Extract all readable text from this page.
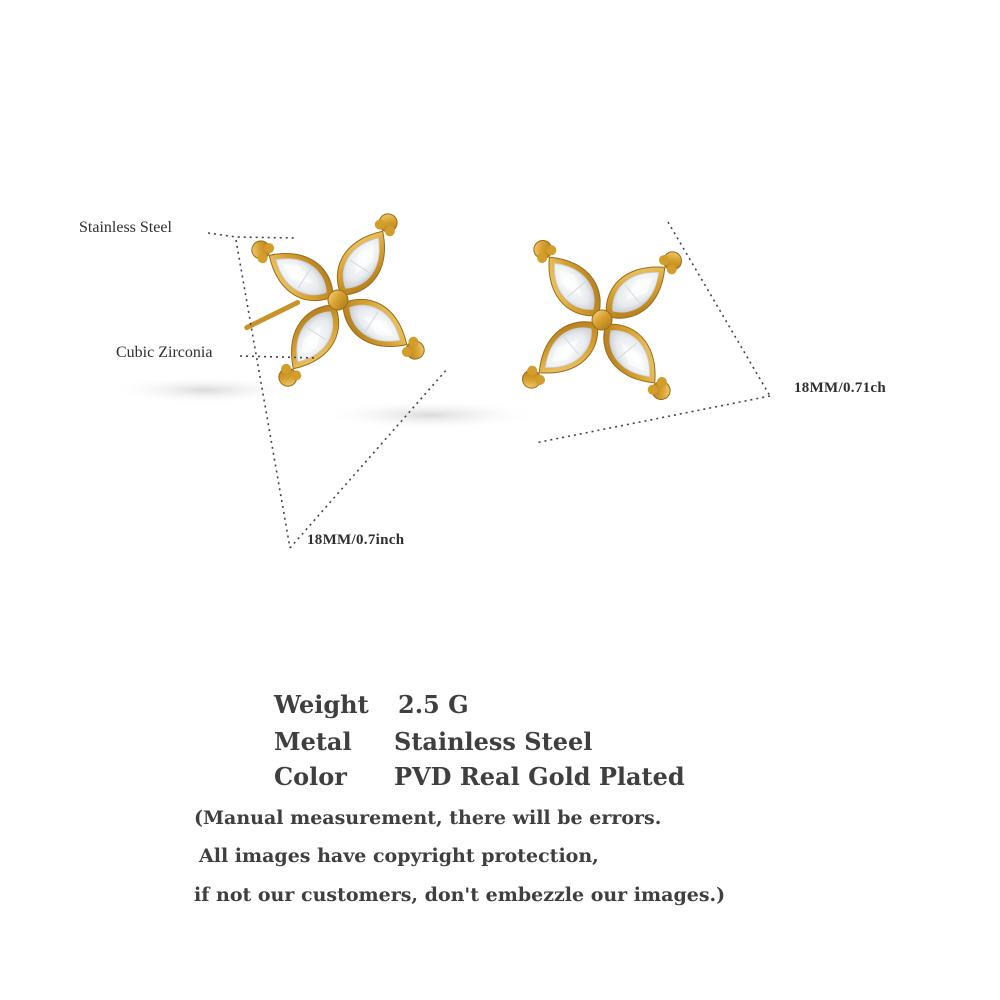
Stainless Steel
Cubic Zirconia
18MM/0.7inch
18MM/0.71ch
Weight 2.5 G
Metal Stainless Steel
Color PVD Real Gold Plated
(Manual measurement, there will be errors.
All images have copyright protection,
if not our customers, don't embezzle our images.)
